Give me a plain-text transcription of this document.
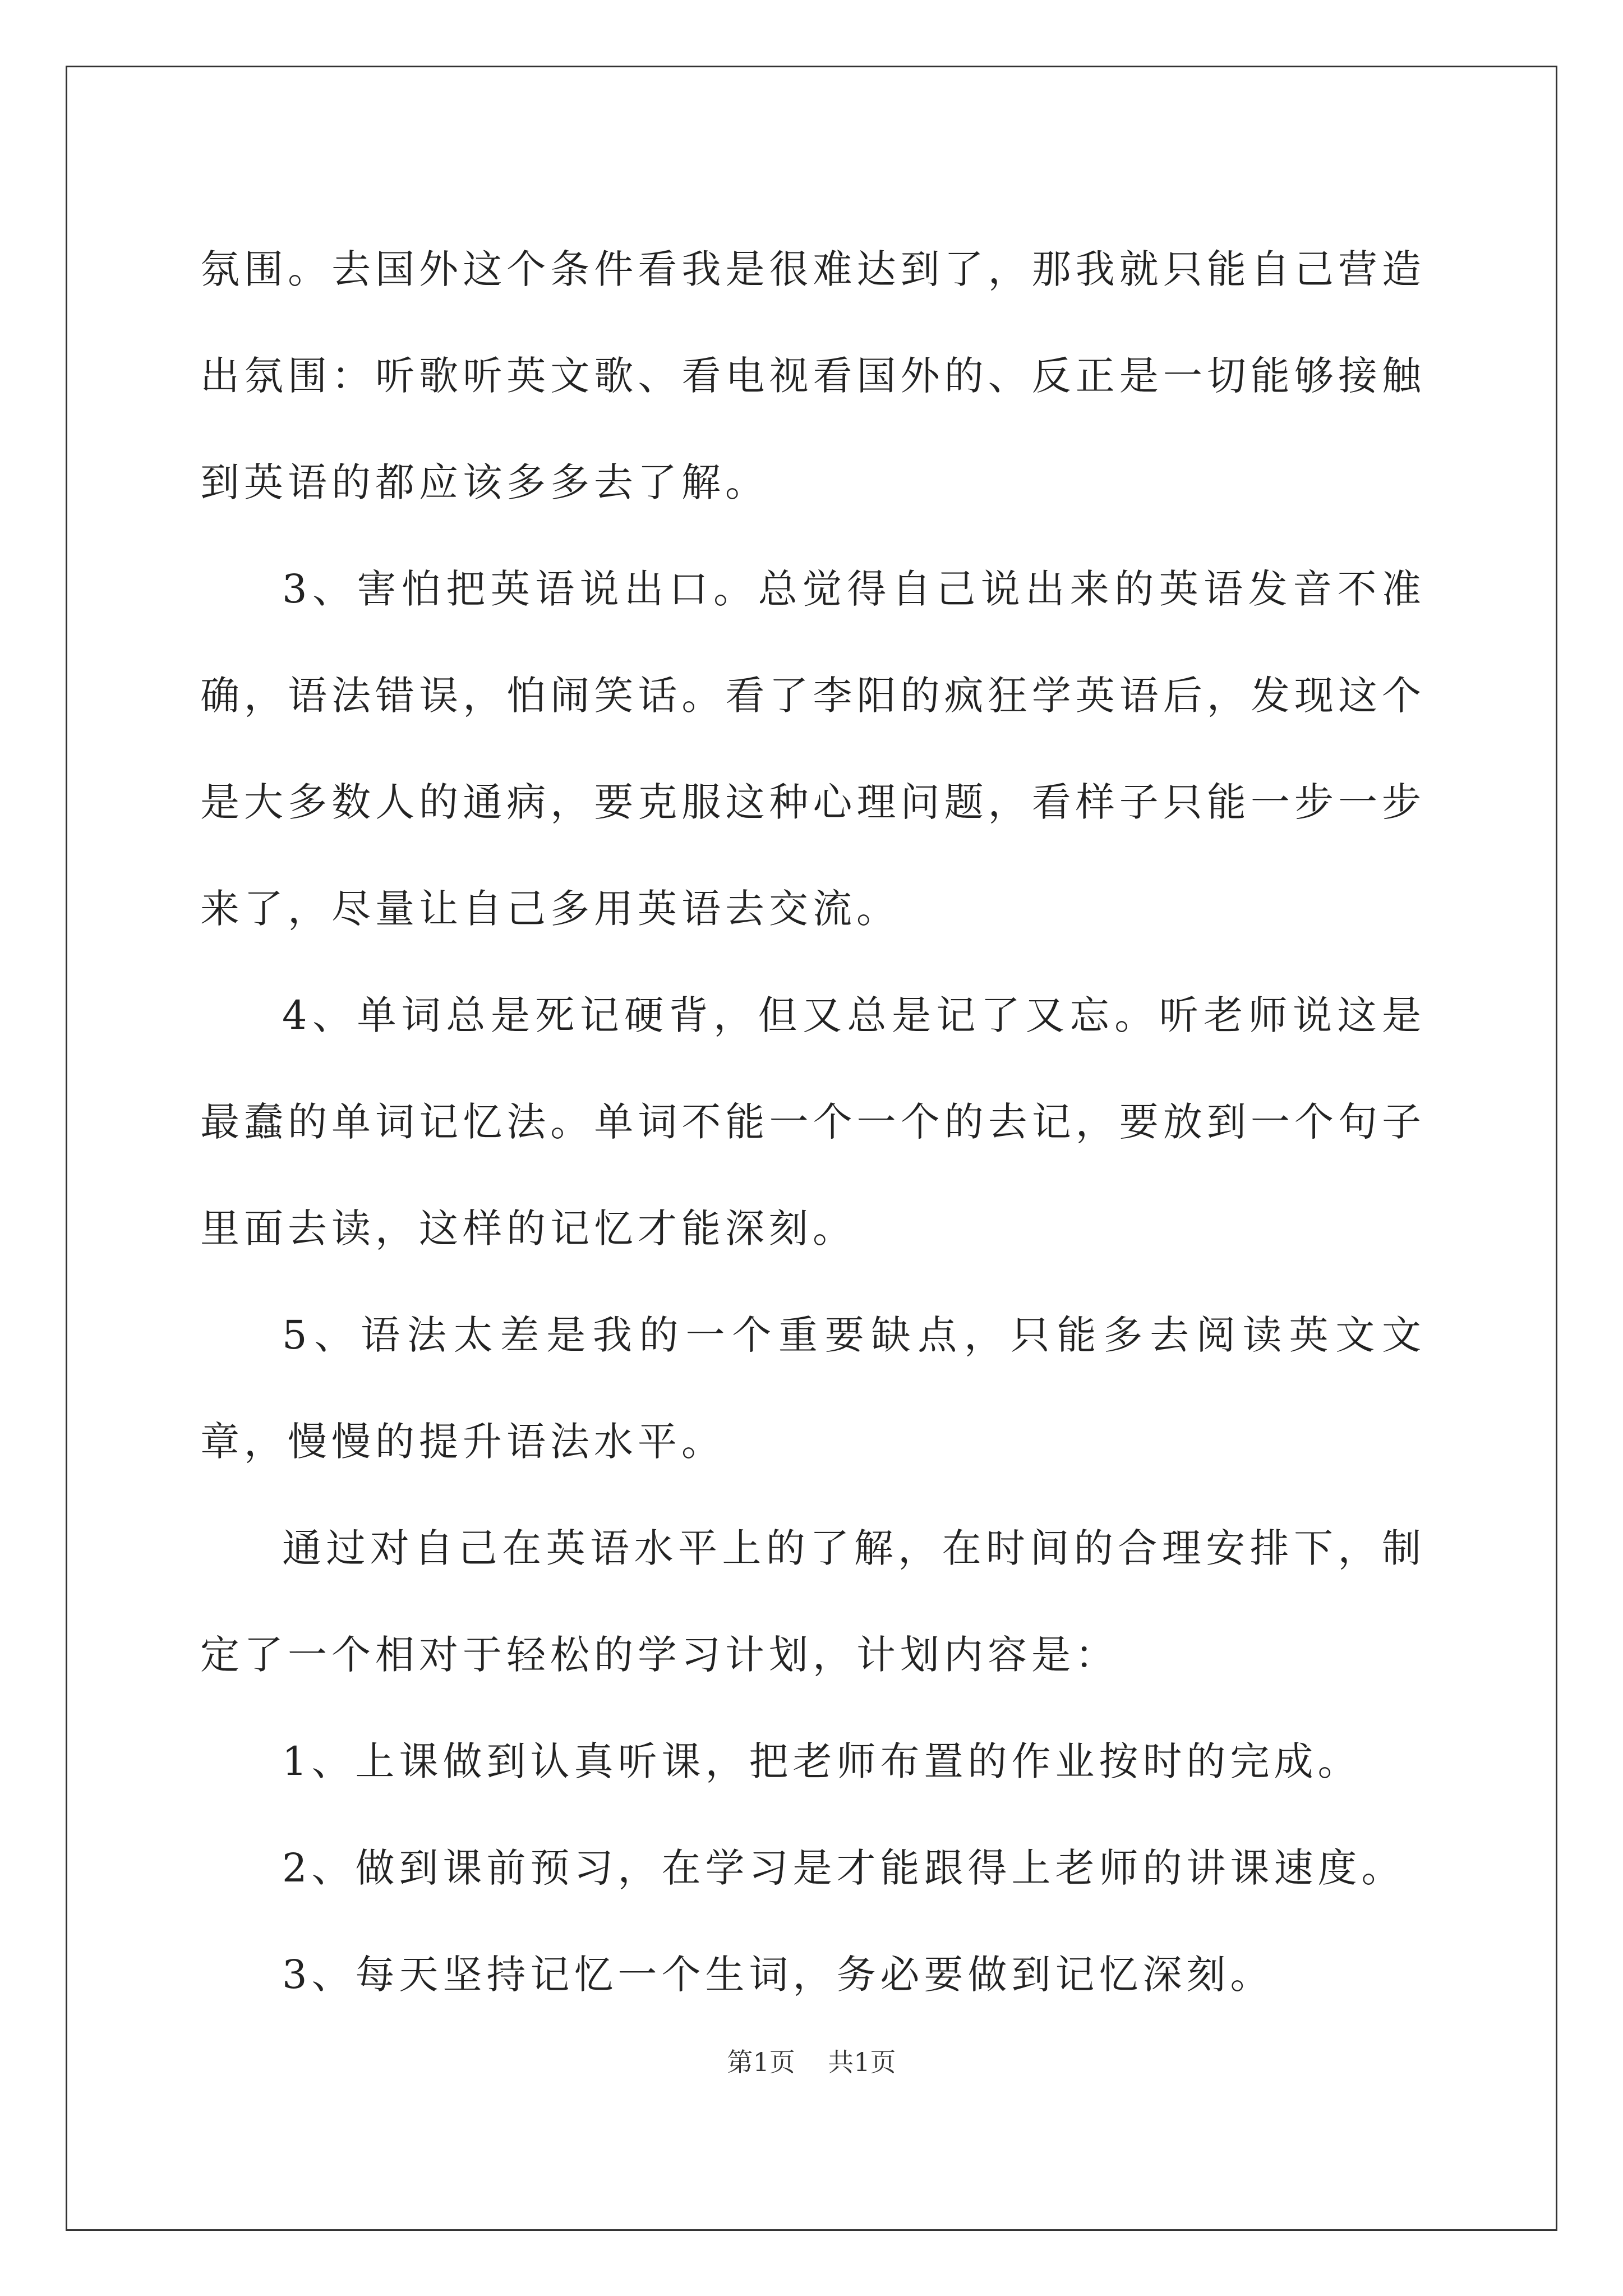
氛围。去国外这个条件看我是很难达到了，那我就只能自己营造出氛围：听歌听英文歌、看电视看国外的、反正是一切能够接触到英语的都应该多多去了解。

3、害怕把英语说出口。总觉得自己说出来的英语发音不准确，语法错误，怕闹笑话。看了李阳的疯狂学英语后，发现这个是大多数人的通病，要克服这种心理问题，看样子只能一步一步来了，尽量让自己多用英语去交流。

4、单词总是死记硬背，但又总是记了又忘。听老师说这是最蠢的单词记忆法。单词不能一个一个的去记，要放到一个句子里面去读，这样的记忆才能深刻。

5、语法太差是我的一个重要缺点，只能多去阅读英文文章，慢慢的提升语法水平。

通过对自己在英语水平上的了解，在时间的合理安排下，制定了一个相对于轻松的学习计划，计划内容是：

1、上课做到认真听课，把老师布置的作业按时的完成。

2、做到课前预习，在学习是才能跟得上老师的讲课速度。

3、每天坚持记忆一个生词，务必要做到记忆深刻。

第1页 共1页
